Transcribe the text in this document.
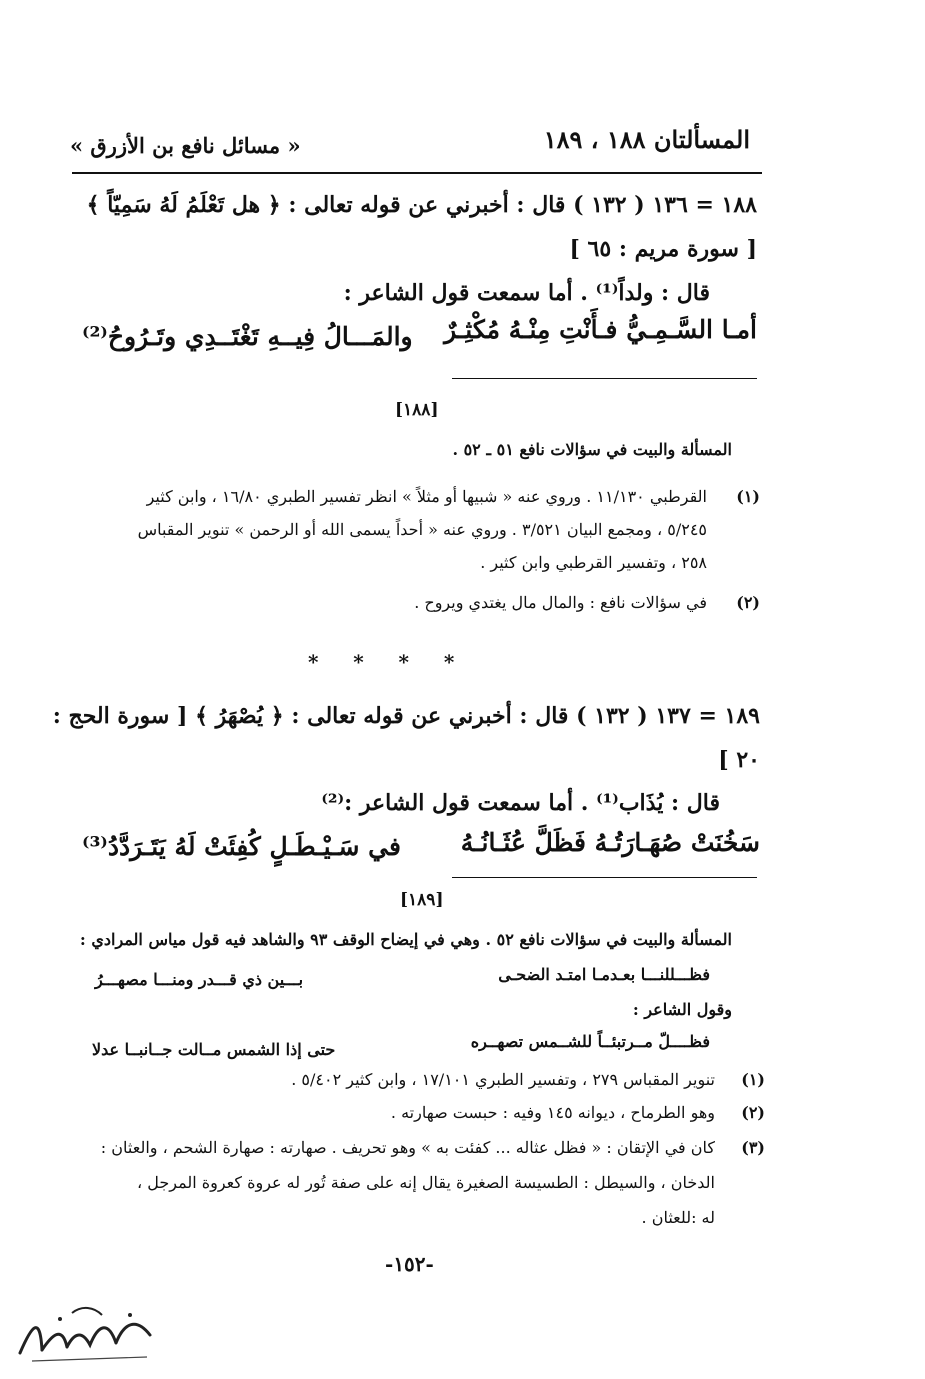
المسألتان ١٨٨ ، ١٨٩
« مسائل نافع بن الأزرق »
١٨٨ = ١٣٦ ( ١٣٢ ) قال : أخبرني عن قوله تعالى : ﴿ هل تَعْلَمُ لَهُ سَمِيّاً ﴾
[ سورة مريم : ٦٥ ]
قال : ولداً⁽¹⁾ . أما سمعت قول الشاعر :
أمـا السَّـمِـيُّ فـأَنْتِ مِنْـهُ مُكْثِـرٌ
والمَـــالُ فِيــهِ تَغْتَــدِي وتَـرُوحُ⁽²⁾
[١٨٨]
المسألة والبيت في سؤالات نافع ٥١ ـ ٥٢ .
(١)
القرطبي ١١/١٣٠ . وروي عنه « شبيها أو مثلاً » انظر تفسير الطبري ١٦/٨٠ ، وابن كثير
٥/٢٤٥ ، ومجمع البيان ٣/٥٢١ . وروي عنه « أحداً يسمى الله أو الرحمن » تنوير المقباس
٢٥٨ ، وتفسير القرطبي وابن كثير .
(٢)
في سؤالات نافع : والمال مال يغتدي ويروح .
*     *     *     *
١٨٩ = ١٣٧ ( ١٣٢ ) قال : أخبرني عن قوله تعالى : ﴿ يُصْهَرُ ﴾ [ سورة الحج :
٢٠ ]
قال : يُذَاب⁽¹⁾ . أما سمعت قول الشاعر :⁽²⁾
سَخُنَتْ صُهَـارَتُـهُ فَظَلَّ عُثَـانُـهُ
في سَـيْـطَـلٍ كُفِئَتْ لَهُ يَتَـرَدَّدُ⁽³⁾
[١٨٩]
المسألة والبيت في سؤالات نافع ٥٢ . وهي في إيضاح الوقف ٩٣ والشاهد فيه قول مياس المرادي :
فظـــللنـــا بعـدمـا امتـد الضحـى
بـــين ذي قـــدر ومنـــا مصهـــرُ
وقول الشاعر :
فظــــلّ مــرتبئــاً للشــمس تصهــره
حتى إذا الشمس مــالت جــانبــا عدلا
(١)
تنوير المقباس ٢٧٩ ، وتفسير الطبري ١٧/١٠١ ، وابن كثير ٥/٤٠٢ .
(٢)
وهو الطرماح ، ديوانه ١٤٥ وفيه : حبست صهارته .
(٣)
كان في الإتقان : « فظل عثاله ... كفئت به » وهو تحريف . صهارته : صهارة الشحم ، والعثان :
الدخان ، والسيطل : الطسيسة الصغيرة يقال إنه على صفة تُور له عروة كعروة المرجل ،
له :للعثان .
-١٥٢-
